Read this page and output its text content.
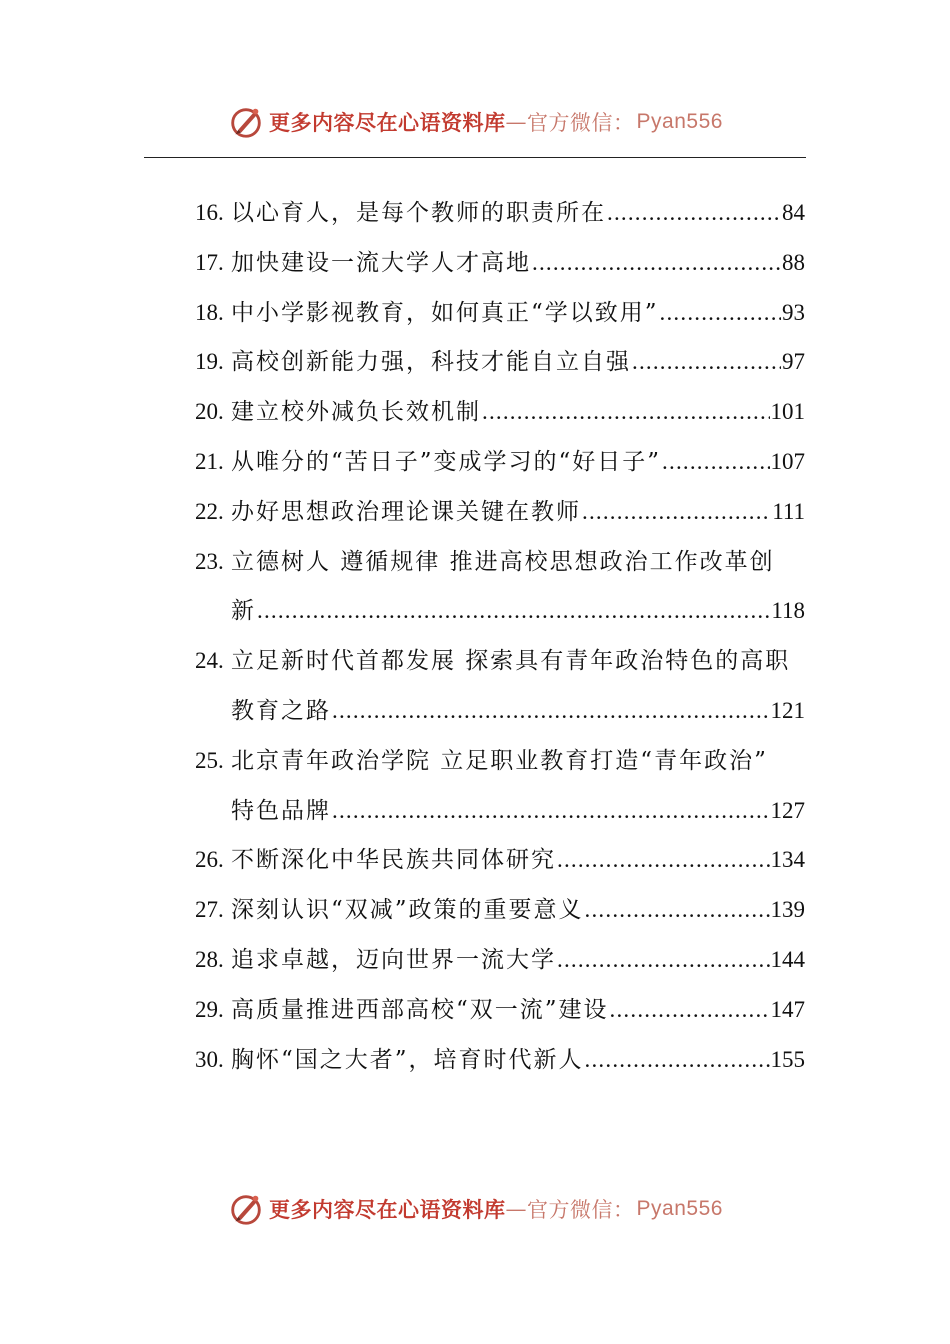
更多内容尽在心语资料库 — 官方微信： Pyan556
16. 以心育人，是每个教师的职责所在 .....	84
17. 加快建设一流大学人才高地 .....	88
18. 中小学影视教育，如何真正“学以致用” .....	93
19. 高校创新能力强，科技才能自立自强 .....	97
20. 建立校外减负长效机制 .....	101
21. 从唯分的“苦日子”变成学习的“好日子” .....	107
22. 办好思想政治理论课关键在教师 .....	111
23. 立德树人 遵循规律 推进高校思想政治工作改革创
新 .....	118
24. 立足新时代首都发展 探索具有青年政治特色的高职
教育之路 .....	121
25. 北京青年政治学院 立足职业教育打造“青年政治”
特色品牌 .....	127
26. 不断深化中华民族共同体研究 .....	134
27. 深刻认识“双减”政策的重要意义 .....	139
28. 追求卓越，迈向世界一流大学 .....	144
29. 高质量推进西部高校“双一流”建设 .....	147
30. 胸怀“国之大者”，培育时代新人 .....	155
更多内容尽在心语资料库 — 官方微信： Pyan556
